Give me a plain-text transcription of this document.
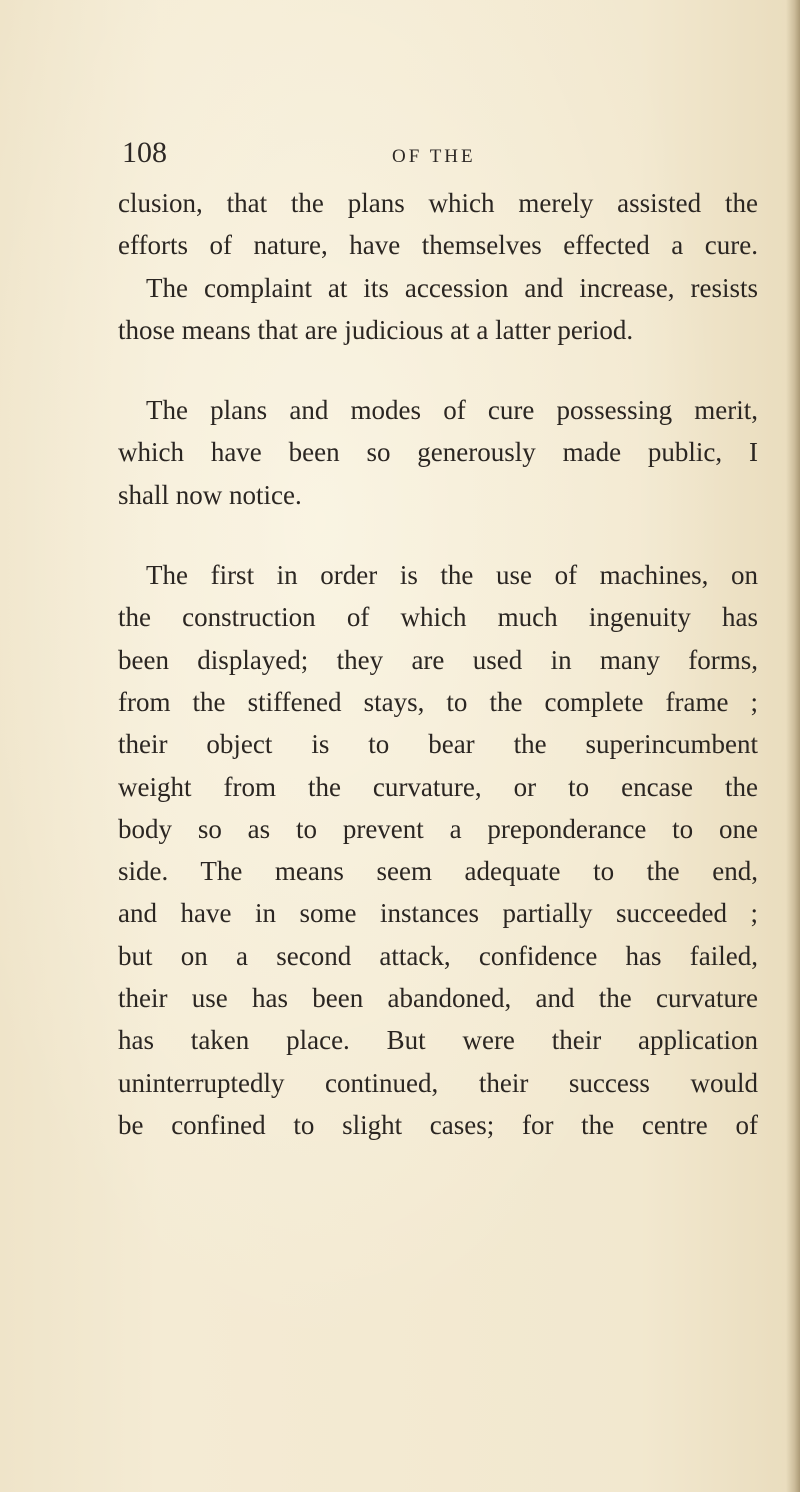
108	OF THE
clusion, that the plans which merely assisted the
efforts of nature, have themselves effected a cure.
The complaint at its accession and increase, resists
those means that are judicious at a latter period.
The plans and modes of cure possessing merit,
which have been so generously made public, I
shall now notice.
The first in order is the use of machines, on
the construction of which much ingenuity has
been displayed; they are used in many forms,
from the stiffened stays, to the complete frame ;
their object is to bear the superincumbent
weight from the curvature, or to encase the
body so as to prevent a preponderance to one
side. The means seem adequate to the end,
and have in some instances partially succeeded ;
but on a second attack, confidence has failed,
their use has been abandoned, and the curvature
has taken place. But were their application
uninterruptedly continued, their success would
be confined to slight cases; for the centre of
